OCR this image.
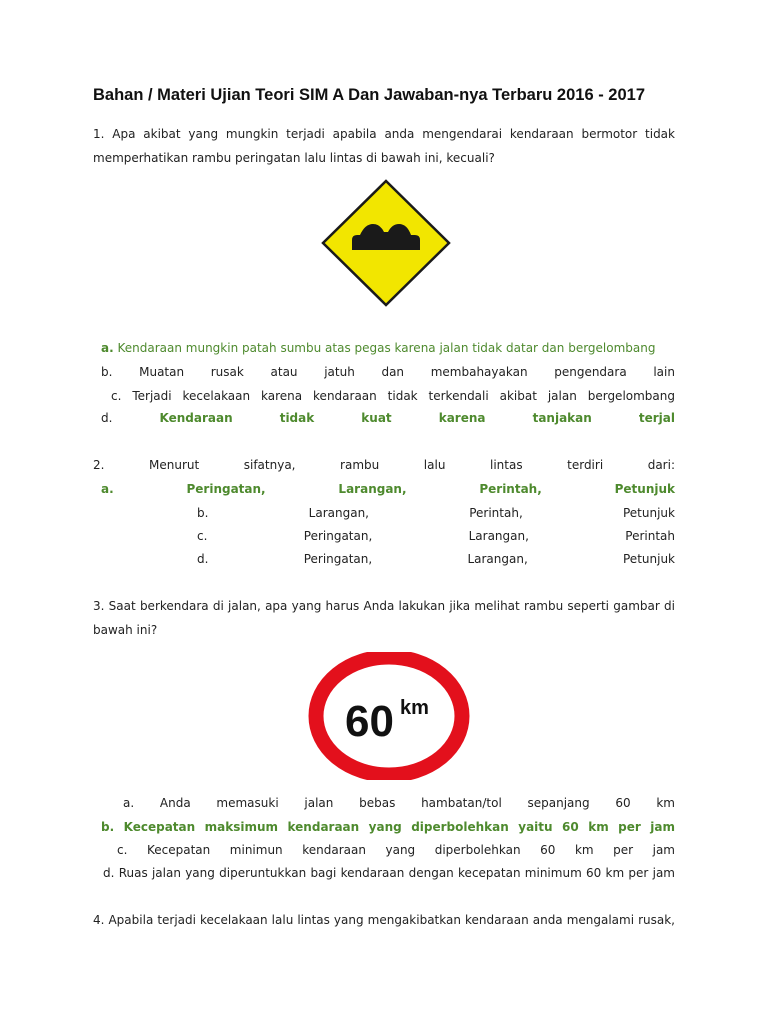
Bahan / Materi Ujian Teori SIM A Dan Jawaban-nya Terbaru 2016 - 2017
1. Apa akibat yang mungkin terjadi apabila anda mengendarai kendaraan bermotor tidak
memperhatikan rambu peringatan lalu lintas di bawah ini, kecuali?
a. Kendaraan mungkin patah sumbu atas pegas karena jalan tidak datar dan bergelombang
b. Muatan rusak atau jatuh dan membahayakan pengendara lain
c. Terjadi kecelakaan karena kendaraan tidak terkendali akibat jalan bergelombang
d.	Kendaraan tidak kuat karena tanjakan terjal
2. Menurut sifatnya, rambu lalu lintas terdiri dari:
a.	Peringatan, Larangan, Perintah, Petunjuk
b.	Larangan, Perintah, Petunjuk
c.	Peringatan, Larangan, Perintah
d.	Peringatan, Larangan, Petunjuk
3. Saat berkendara di jalan, apa yang harus Anda lakukan jika melihat rambu seperti gambar di
bawah ini?
60 km
a. Anda memasuki jalan bebas hambatan/tol sepanjang 60 km
b. Kecepatan maksimum kendaraan yang diperbolehkan yaitu 60 km per jam
c. Kecepatan minimun kendaraan yang diperbolehkan 60 km per jam
d. Ruas jalan yang diperuntukkan bagi kendaraan dengan kecepatan minimum 60 km per jam
4. Apabila terjadi kecelakaan lalu lintas yang mengakibatkan kendaraan anda mengalami rusak,
